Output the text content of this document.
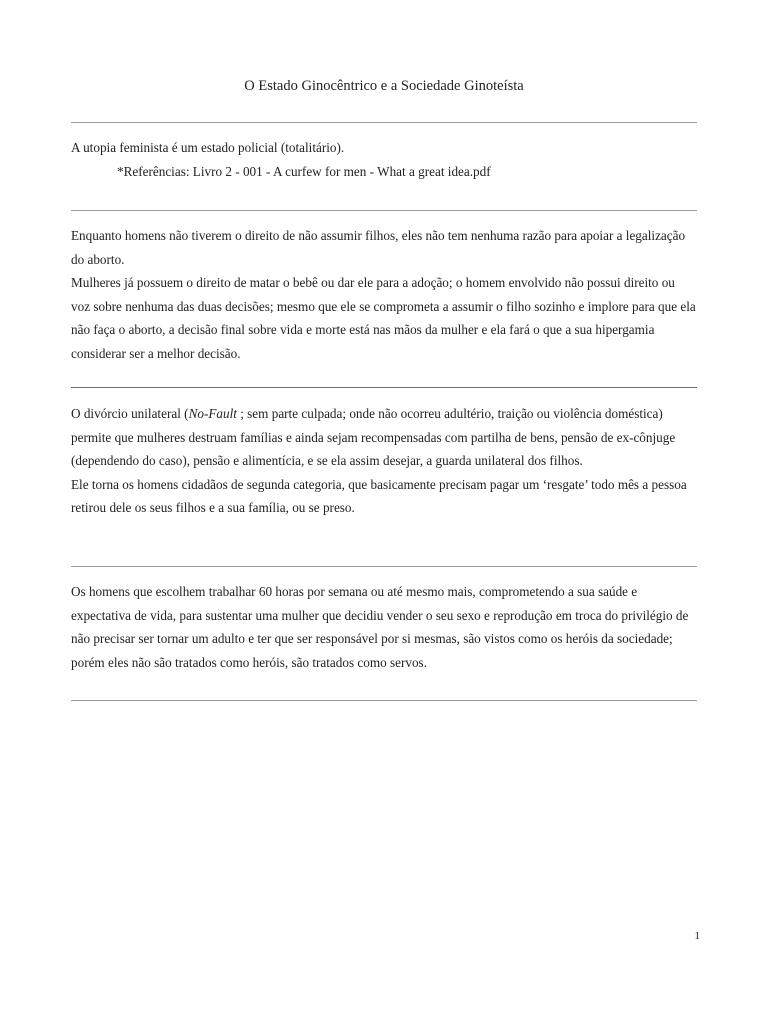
O Estado Ginocêntrico e a Sociedade Ginoteísta

A utopia feminista é um estado policial (totalitário).

*Referências: Livro 2 - 001 - A curfew for men - What a great idea.pdf

Enquanto homens não tiverem o direito de não assumir filhos, eles não tem nenhuma razão para apoiar a legalização do aborto.

Mulheres já possuem o direito de matar o bebê ou dar ele para a adoção; o homem envolvido não possui direito ou voz sobre nenhuma das duas decisões; mesmo que ele se comprometa a assumir o filho sozinho e implore para que ela não faça o aborto, a decisão final sobre vida e morte está nas mãos da mulher e ela fará o que a sua hipergamia considerar ser a melhor decisão.

O divórcio unilateral (No-Fault ; sem parte culpada; onde não ocorreu adultério, traição ou violência doméstica) permite que mulheres destruam famílias e ainda sejam recompensadas com partilha de bens, pensão de ex-cônjuge (dependendo do caso), pensão e alimentícia, e se ela assim desejar, a guarda unilateral dos filhos.

Ele torna os homens cidadãos de segunda categoria, que basicamente precisam pagar um ‘resgate’ todo mês a pessoa retirou dele os seus filhos e a sua família, ou se preso.

Os homens que escolhem trabalhar 60 horas por semana ou até mesmo mais, comprometendo a sua saúde e expectativa de vida, para sustentar uma mulher que decidiu vender o seu sexo e reprodução em troca do privilégio de não precisar ser tornar um adulto e ter que ser responsável por si mesmas, são vistos como os heróis da sociedade; porém eles não são tratados como heróis, são tratados como servos.

1
